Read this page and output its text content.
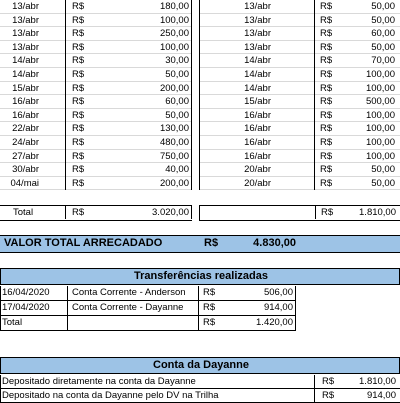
13/abr	R$	180,00
13/abr	R$	100,00
13/abr	R$	250,00
13/abr	R$	100,00
14/abr	R$	30,00
14/abr	R$	50,00
15/abr	R$	200,00
16/abr	R$	60,00
16/abr	R$	50,00
22/abr	R$	130,00
24/abr	R$	480,00
27/abr	R$	750,00
30/abr	R$	40,00
04/mai	R$	200,00
13/abr	R$	50,00
13/abr	R$	50,00
13/abr	R$	60,00
13/abr	R$	50,00
14/abr	R$	70,00
14/abr	R$	100,00
14/abr	R$	100,00
15/abr	R$	500,00
16/abr	R$	100,00
16/abr	R$	100,00
16/abr	R$	100,00
16/abr	R$	100,00
20/abr	R$	50,00
20/abr	R$	50,00
Total	R$	3.020,00	R$	1.810,00
VALOR TOTAL ARRECADADO	R$	4.830,00
Transferências realizadas
16/04/2020 Conta Corrente - Anderson R$	506,00
17/04/2020 Conta Corrente - Dayanne R$	914,00
Total	R$	1.420,00
Conta da Dayanne
Depositado diretamente na conta da Dayanne	R$	1.810,00
Depositado na conta da Dayanne pelo DV na Trilha	R$	914,00
